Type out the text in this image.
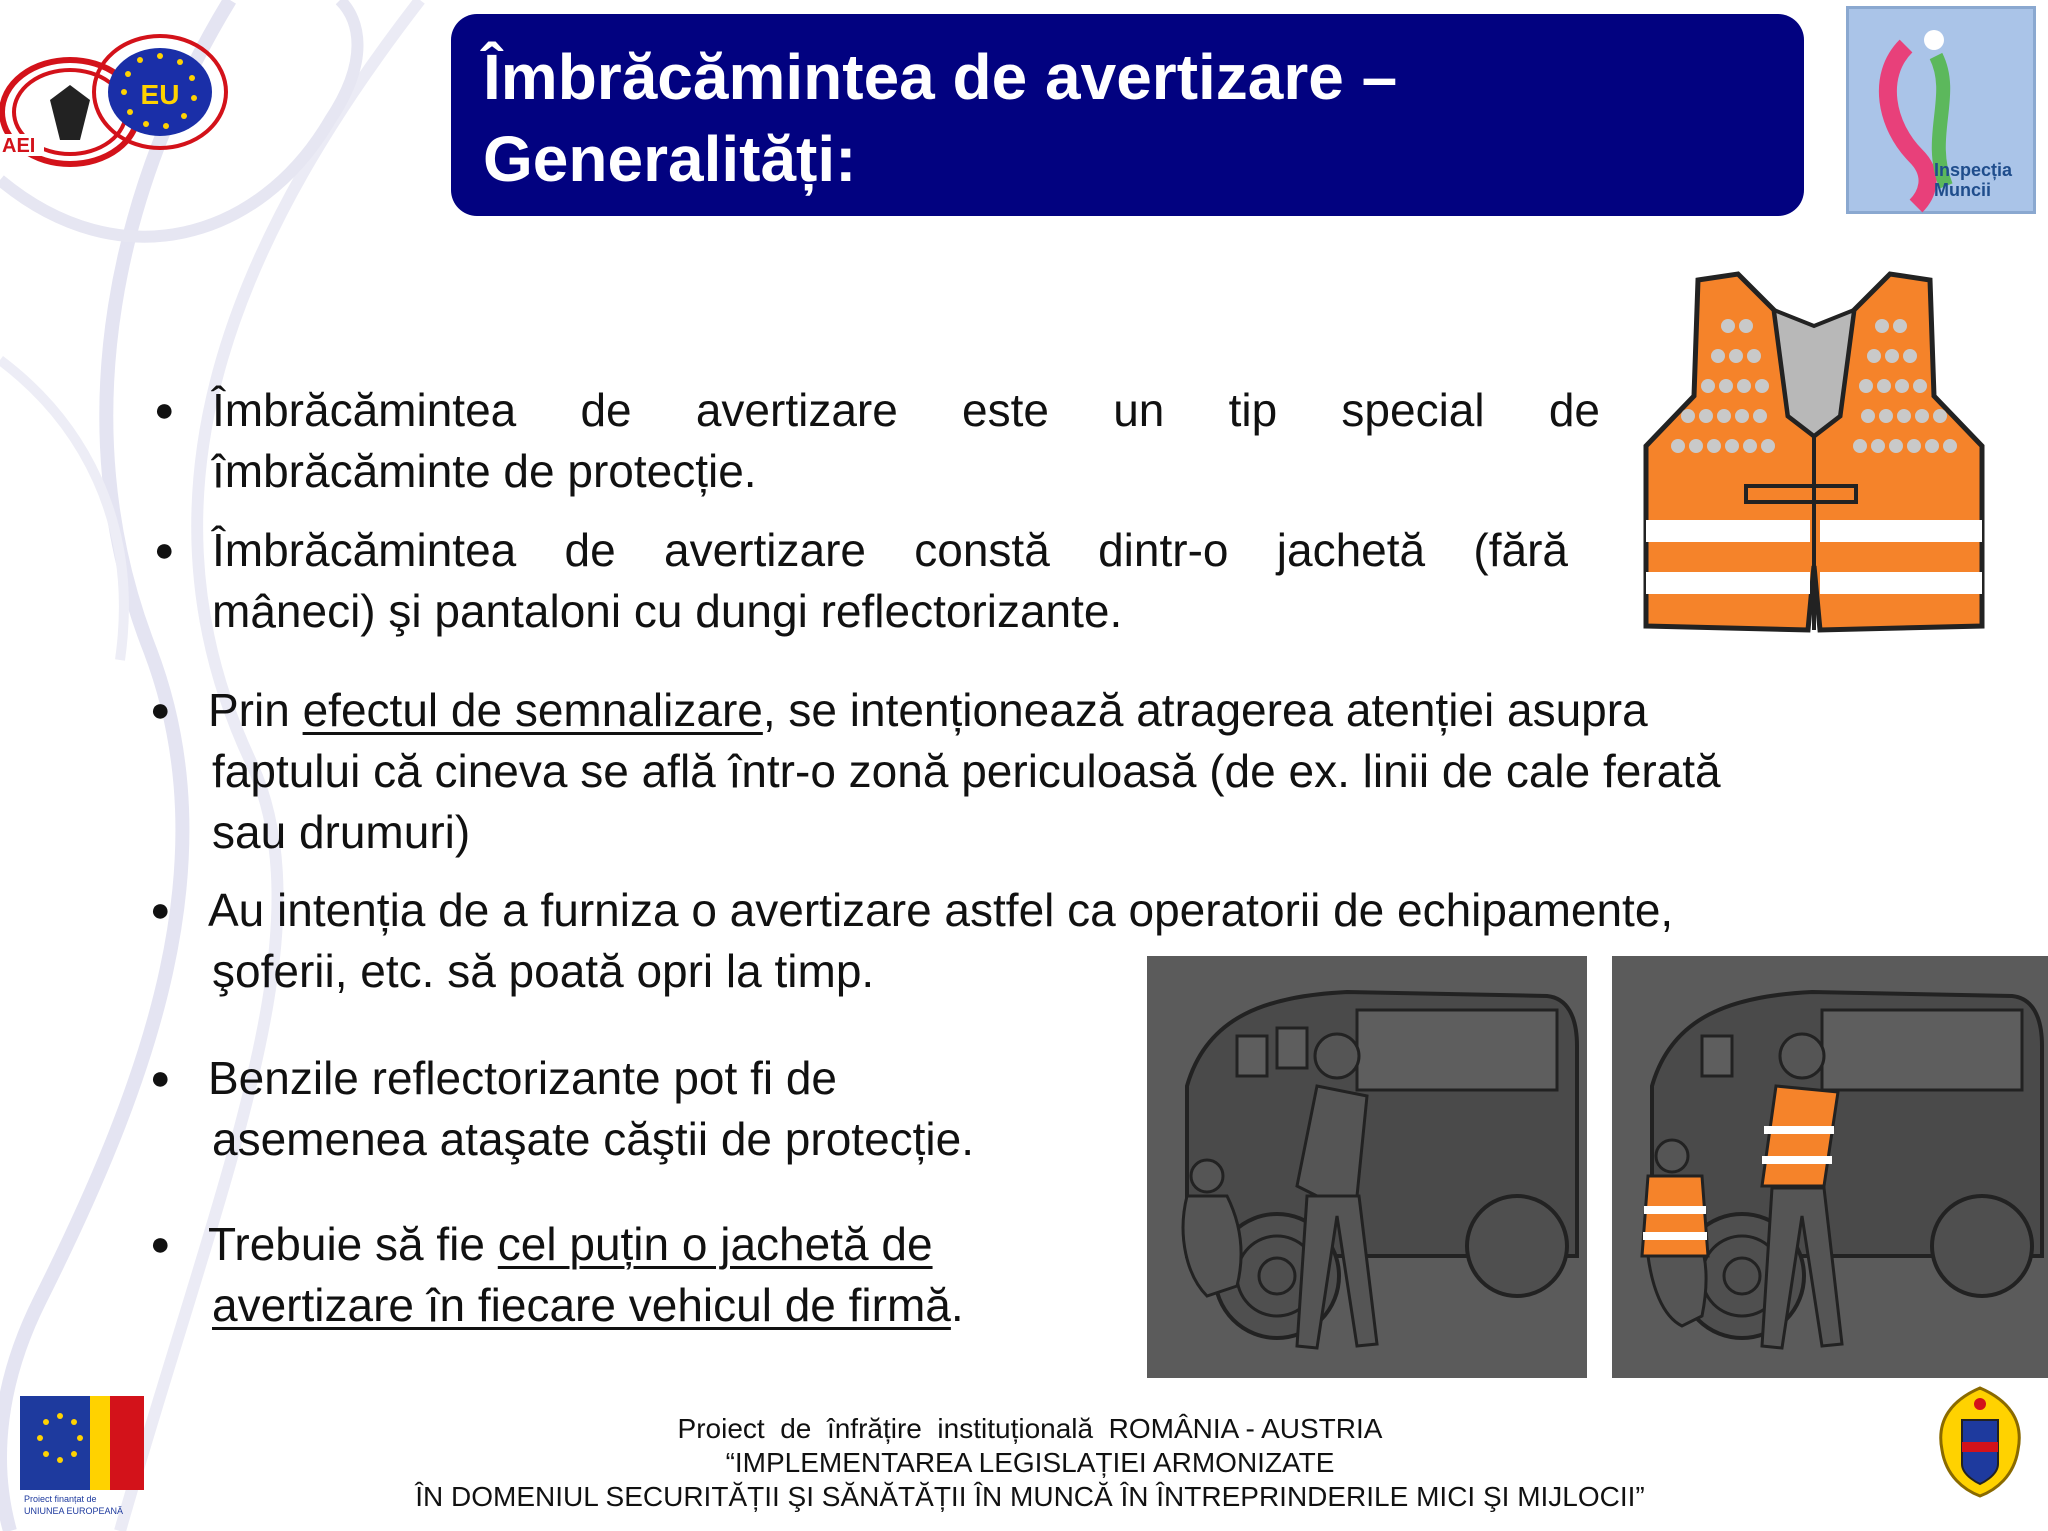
EU
AEI
Îmbrăcămintea de avertizare –
Generalități:	Inspecția
Muncii
● Îmbrăcămintea de avertizare este un tip special de
îmbrăcăminte de protecție.
● Îmbrăcămintea de avertizare constă dintr-o jachetă (fără
mâneci) şi pantaloni cu dungi reflectorizante.
● Prin efectul de semnalizare, se intenționează atragerea atenției asupra
faptului că cineva se află într-o zonă periculoasă (de ex. linii de cale ferată
sau drumuri)
● Au intenția de a furniza o avertizare astfel ca operatorii de echipamente,
şoferii, etc. să poată opri la timp.
● Benzile reflectorizante pot fi de
asemenea ataşate căştii de protecție.
● Trebuie să fie cel puțin o jachetă de
avertizare în fiecare vehicul de firmă.
Proiect finanțat de
UNIUNEA EUROPEANĂ
Proiect  de  înfrățire  instituțională  ROMÂNIA - AUSTRIA
“IMPLEMENTAREA LEGISLAȚIEI ARMONIZATE
ÎN DOMENIUL SECURITĂȚII ŞI SĂNĂTĂȚII ÎN MUNCĂ ÎN ÎNTREPRINDERILE MICI ŞI MIJLOCII”
